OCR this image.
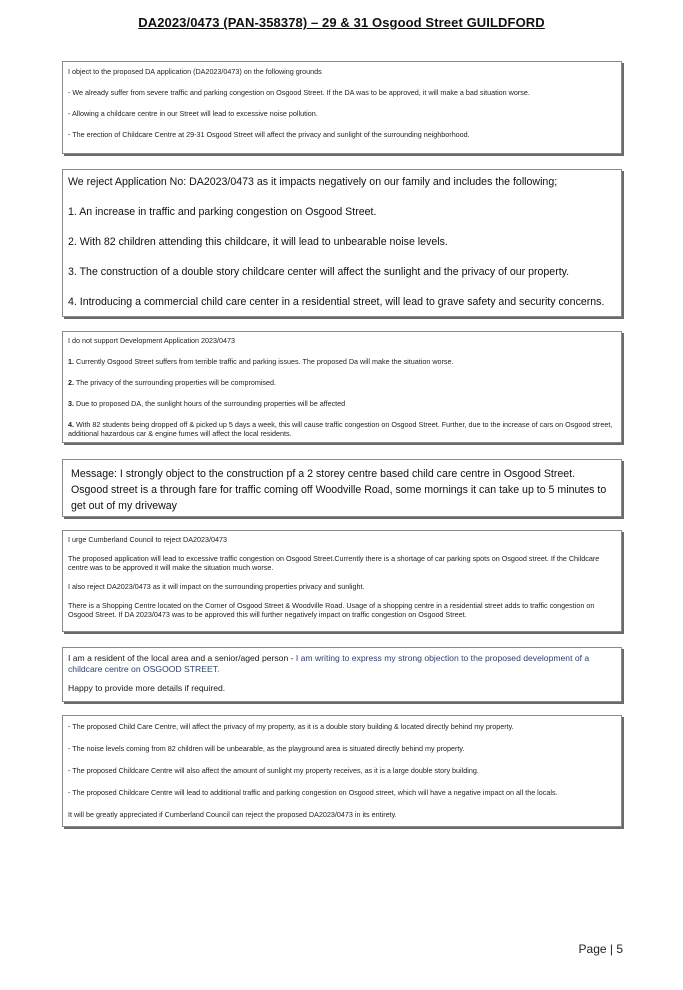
DA2023/0473 (PAN-358378) – 29 & 31 Osgood Street GUILDFORD

I object to the proposed DA application (DA2023/0473) on the following grounds

- We already suffer from severe traffic and parking congestion on Osgood Street. If the DA was to be approved, it will make a bad situation worse.

- Allowing a childcare centre in our Street will lead to excessive noise pollution.

- The erection of Childcare Centre at 29-31 Osgood Street will affect the privacy and sunlight of the surrounding neighborhood.

We reject Application No: DA2023/0473 as it impacts negatively on our family and includes the following;

1. An increase in traffic and parking congestion on Osgood Street.

2. With 82 children attending this childcare, it will lead to unbearable noise levels.

3. The construction of a double story childcare center will affect the sunlight and the privacy of our property.

4. Introducing a commercial child care center in a residential street, will lead to grave safety and security concerns.

I do not support Development Application 2023/0473

1. Currently Osgood Street suffers from terrible traffic and parking issues. The proposed Da will make the situation worse.

2. The privacy of the surrounding properties will be compromised.

3. Due to proposed DA, the sunlight hours of the surrounding properties will be affected

4. With 82 students being dropped off & picked up 5 days a week, this will cause traffic congestion on Osgood Street. Further, due to the increase of cars on Osgood street, additional hazardous car & engine fumes will affect the local residents.

Message: I strongly object to the construction pf a 2 storey centre based child care centre in Osgood Street. Osgood street is a through fare for traffic coming off Woodville Road, some mornings it can take up to 5 minutes to get out of my driveway

I urge Cumberland Council to reject DA2023/0473

The proposed application will lead to excessive traffic congestion on Osgood Street.Currently there is a shortage of car parking spots on Osgood street. If the Childcare centre was to be approved it will make the situation much worse.

I also reject DA2023/0473 as it will impact on the surrounding properties privacy and sunlight.

There is a Shopping Centre located on the Corner of Osgood Street & Woodville Road. Usage of a shopping centre in a residential street adds to traffic congestion on Osgood Street. If DA 2023/0473 was to be approved this will further negatively impact on traffic congestion on Osgood Street.

I am a resident of the local area and a senior/aged person - I am writing to express my strong objection to the proposed development of a childcare centre on OSGOOD STREET.

Happy to provide more details if required.

- The proposed Child Care Centre, will affect the privacy of my property, as it is a double story building & located directly behind my property.

- The noise levels coming from 82 children will be unbearable, as the playground area is situated directly behind my property.

- The proposed Childcare Centre will also affect the amount of sunlight my property receives, as it is a large double story building.

- The proposed Childcare Centre will lead to additional traffic and parking congestion on Osgood street, which will have a negative impact on all the locals.

It will be greatly appreciated if Cumberland Council can reject the proposed DA2023/0473 in its entirety.

Page | 5
